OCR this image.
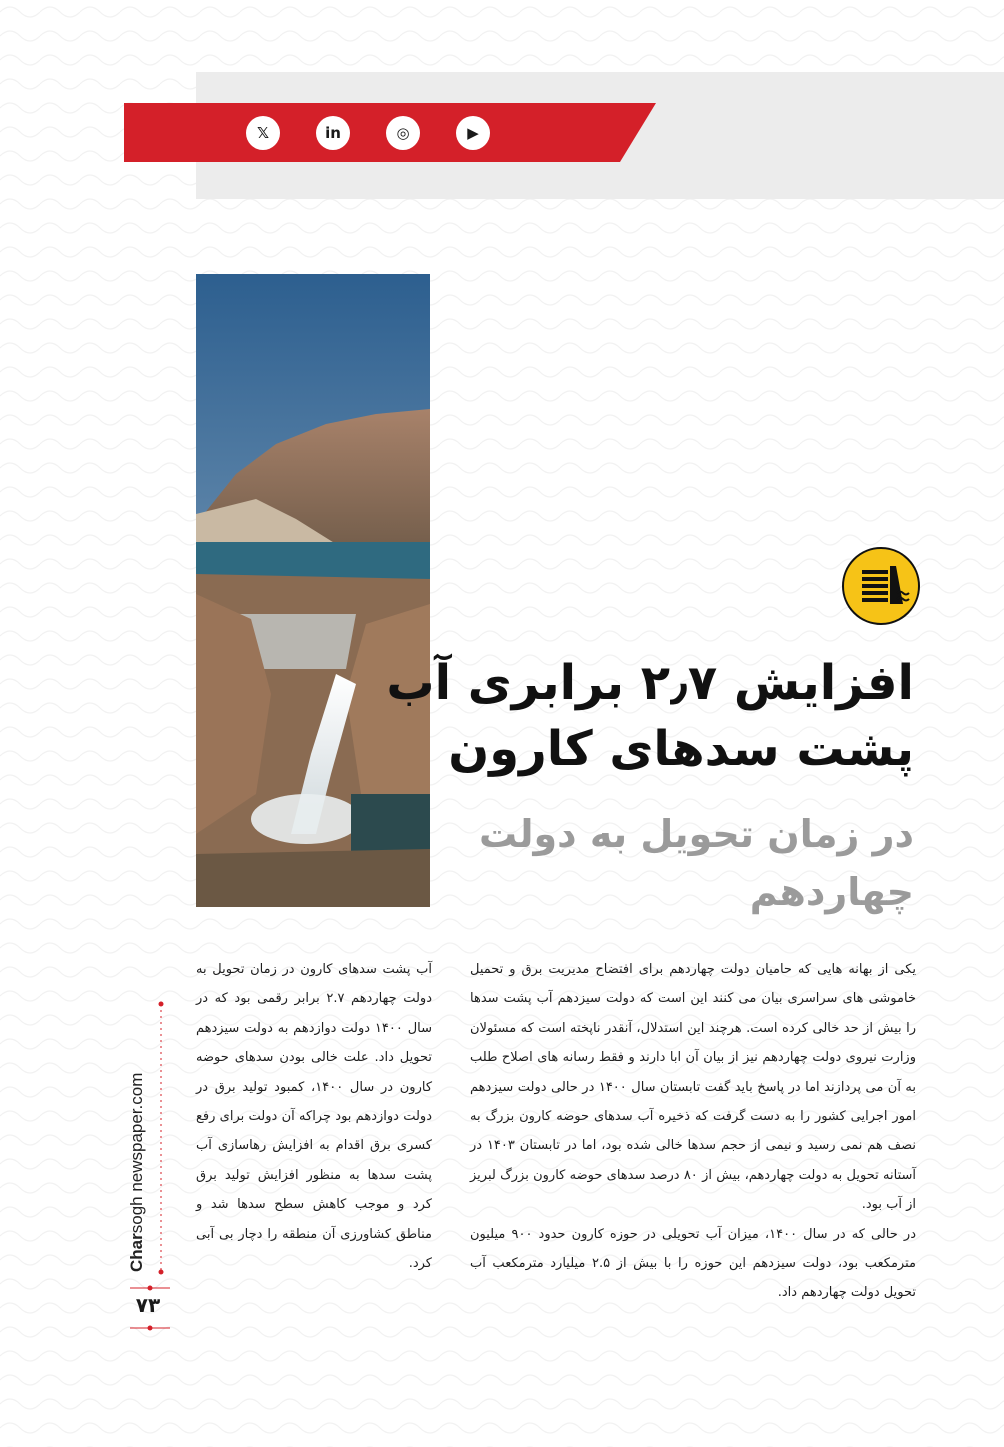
𝕏	in	◎	▶
افزایش ۲٫۷ برابری آب پشت سدهای کارون
در زمان تحویل به دولت چهاردهم

یکی از بهانه هایی که حامیان دولت چهاردهم برای افتضاح مدیریت برق و تحمیل خاموشی های سراسری بیان می کنند این است که دولت سیزدهم آب پشت سدها را بیش از حد خالی کرده است. هرچند این استدلال، آنقدر ناپخته است که مسئولان وزارت نیروی دولت چهاردهم نیز از بیان آن ابا دارند و فقط رسانه های اصلاح طلب به آن می پردازند اما در پاسخ باید گفت تابستان سال ۱۴۰۰ در حالی دولت سیزدهم امور اجرایی کشور را به دست گرفت که ذخیره آب سدهای حوضه کارون بزرگ به نصف هم نمی رسید و نیمی از حجم سدها خالی شده بود، اما در تابستان ۱۴۰۳ در آستانه تحویل به دولت چهاردهم، بیش از ۸۰ درصد سدهای حوضه کارون بزرگ لبریز از آب بود.

در حالی که در سال ۱۴۰۰، میزان آب تحویلی در حوزه کارون حدود ۹۰۰ میلیون مترمکعب بود، دولت سیزدهم این حوزه را با بیش از ۲.۵ میلیارد مترمکعب آب تحویل دولت چهاردهم داد.

آب پشت سدهای کارون در زمان تحویل به دولت چهاردهم ۲.۷ برابر رقمی بود که در سال ۱۴۰۰ دولت دوازدهم به دولت سیزدهم تحویل داد. علت خالی بودن سدهای حوضه کارون در سال ۱۴۰۰، کمبود تولید برق در دولت دوازدهم بود چراکه آن دولت برای رفع کسری برق اقدام به افزایش رهاسازی آب پشت سدها به منظور افزایش تولید برق کرد و موجب کاهش سطح سدها شد و مناطق کشاورزی آن منطقه را دچار بی آبی کرد.

Charsogh newspaper.com
۷۳
